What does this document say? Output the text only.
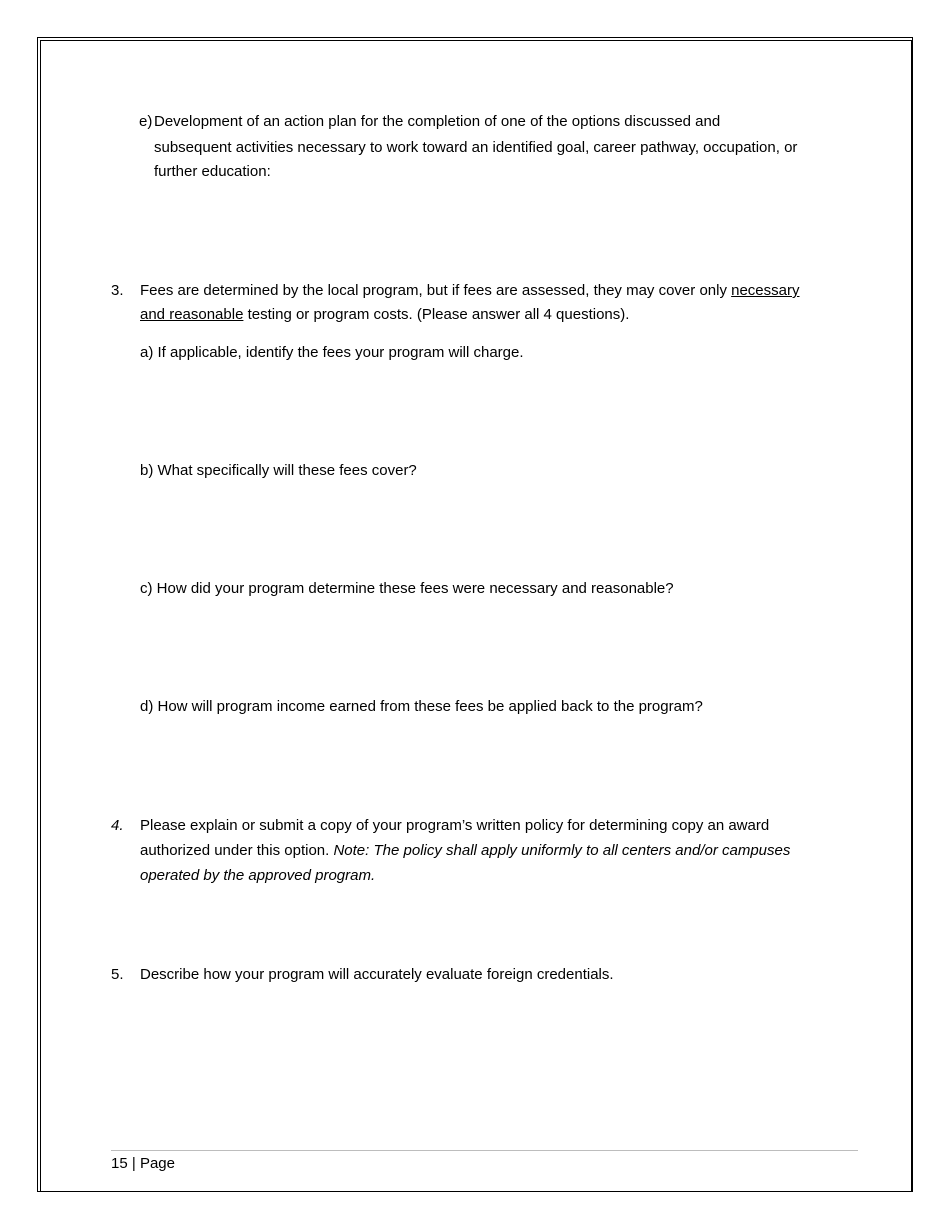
e) Development of an action plan for the completion of one of the options discussed and
subsequent activities necessary to work toward an identified goal, career pathway, occupation, or
further education:
3. Fees are determined by the local program, but if fees are assessed, they may cover only necessary
and reasonable testing or program costs. (Please answer all 4 questions).
a) If applicable, identify the fees your program will charge.
b) What specifically will these fees cover?
c) How did your program determine these fees were necessary and reasonable?
d) How will program income earned from these fees be applied back to the program?
4. Please explain or submit a copy of your program’s written policy for determining copy an award
authorized under this option. Note: The policy shall apply uniformly to all centers and/or campuses
operated by the approved program.
5. Describe how your program will accurately evaluate foreign credentials.
15 | Page
